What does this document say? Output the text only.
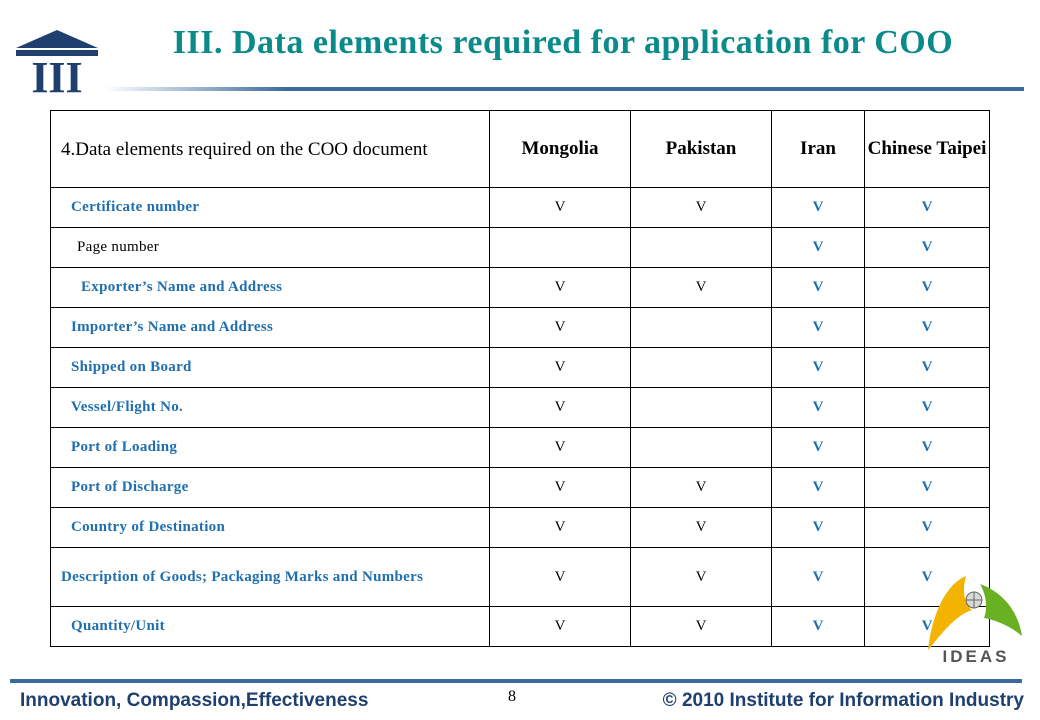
III
III. Data elements required for application for COO
4.Data elements required on the COO document	Mongolia	Pakistan	Iran	Chinese Taipei
Certificate number	V	V	V	V
Page number			V	V
Exporter’s Name and Address	V	V	V	V
Importer’s Name and Address	V		V	V
Shipped on Board	V		V	V
Vessel/Flight No.	V		V	V
Port of Loading	V		V	V
Port of Discharge	V	V	V	V
Country of Destination	V	V	V	V
Description of Goods; Packaging Marks and Numbers	V	V	V	V
Quantity/Unit	V	V	V	V
IDEAS

Innovation, Compassion,Effectiveness	8	© 2010 Institute for Information Industry
